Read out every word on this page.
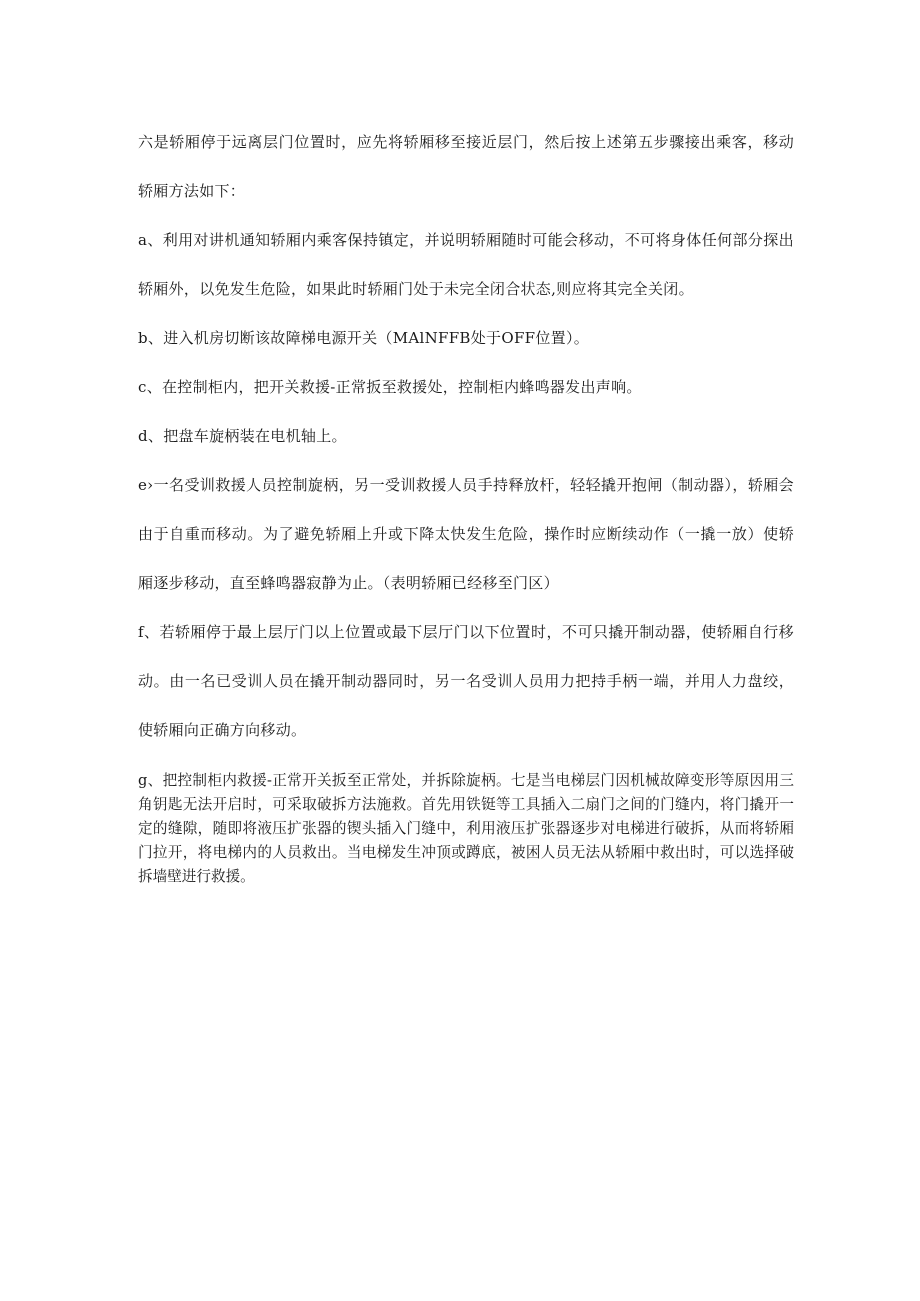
六是轿厢停于远离层门位置时，应先将轿厢移至接近层门，然后按上述第五步骤接出乘客，移动轿厢方法如下：

a、利用对讲机通知轿厢内乘客保持镇定，并说明轿厢随时可能会移动，不可将身体任何部分探出轿厢外，以免发生危险，如果此时轿厢门处于未完全闭合状态,则应将其完全关闭。

b、进入机房切断该故障梯电源开关（MAlNFFB处于OFF位置）。

c、在控制柜内，把开关救援-正常扳至救援处，控制柜内蜂鸣器发出声响。

d、把盘车旋柄装在电机轴上。

e›一名受训救援人员控制旋柄，另一受训救援人员手持释放杆，轻轻撬开抱闸（制动器），轿厢会由于自重而移动。为了避免轿厢上升或下降太快发生危险，操作时应断续动作（一撬一放）使轿厢逐步移动，直至蜂鸣器寂静为止。（表明轿厢已经移至门区）

f、若轿厢停于最上层厅门以上位置或最下层厅门以下位置时，不可只撬开制动器，使轿厢自行移动。由一名已受训人员在撬开制动器同时，另一名受训人员用力把持手柄一端，并用人力盘绞，使轿厢向正确方向移动。

g、把控制柜内救援-正常开关扳至正常处，并拆除旋柄。七是当电梯层门因机械故障变形等原因用三角钥匙无法开启时，可采取破拆方法施救。首先用铁铤等工具插入二扇门之间的门缝内，将门撬开一定的缝隙，随即将液压扩张器的锲头插入门缝中，利用液压扩张器逐步对电梯进行破拆，从而将轿厢门拉开，将电梯内的人员救出。当电梯发生冲顶或蹲底，被困人员无法从轿厢中救出时，可以选择破拆墙壁进行救援。
